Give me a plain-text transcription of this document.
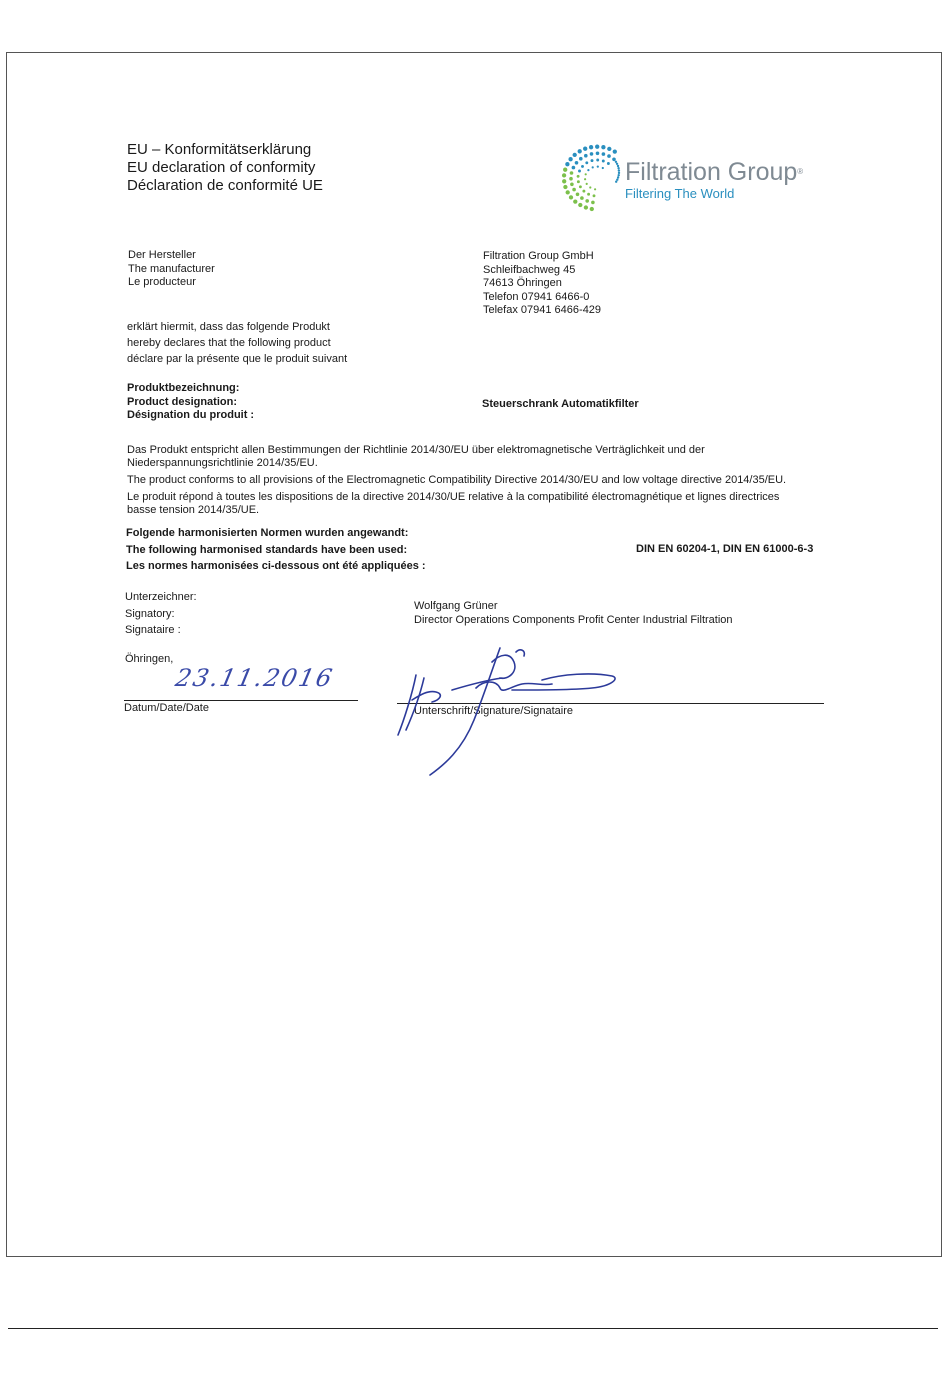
EU – Konformitätserklärung
EU declaration of conformity
Déclaration de conformité UE	Filtration Group®
Filtering The World
Der Hersteller
The manufacturer
Le producteur
Filtration Group GmbH
Schleifbachweg 45
74613 Öhringen
Telefon 07941 6466-0
Telefax 07941 6466-429
erklärt hiermit, dass das folgende Produkt
hereby declares that the following product
déclare par la présente que le produit suivant
Produktbezeichnung:
Product designation:
Désignation du produit :
Steuerschrank Automatikfilter
Das Produkt entspricht allen Bestimmungen der Richtlinie 2014/30/EU über elektromagnetische Verträglichkeit und der
Niederspannungsrichtlinie 2014/35/EU.
The product conforms to all provisions of the Electromagnetic Compatibility Directive 2014/30/EU and low voltage directive 2014/35/EU.
Le produit répond à toutes les dispositions de la directive 2014/30/UE relative à la compatibilité électromagnétique et lignes directrices
basse tension 2014/35/UE.
Folgende harmonisierten Normen wurden angewandt:
The following harmonised standards have been used:
Les normes harmonisées ci-dessous ont été appliquées :
DIN EN 60204-1, DIN EN 61000-6-3
Unterzeichner:
Signatory:
Signataire :
Wolfgang Grüner
Director Operations Components Profit Center Industrial Filtration
Öhringen,
23.11.2016
Datum/Date/Date	Unterschrift/Signature/Signataire
